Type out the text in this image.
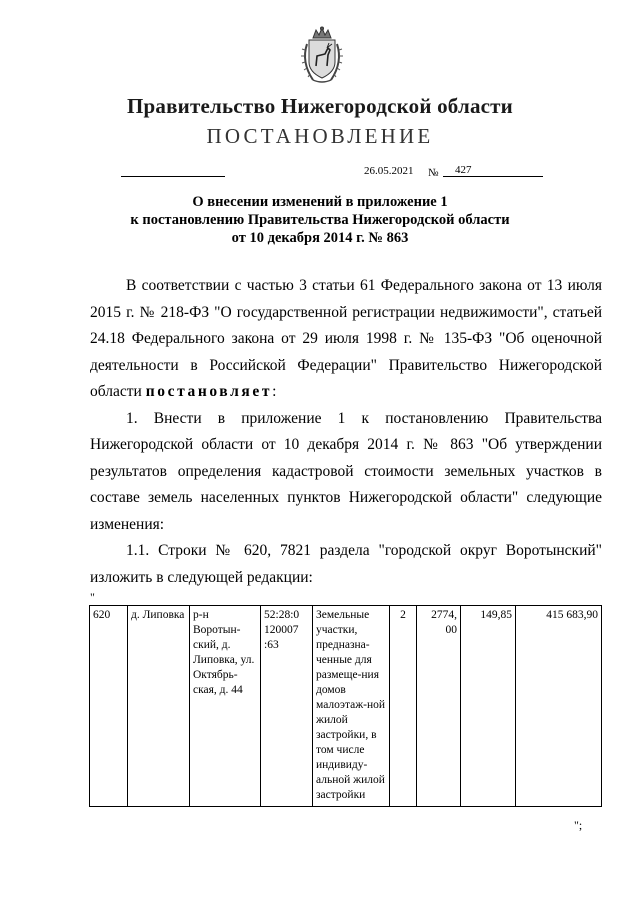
Правительство Нижегородской области
ПОСТАНОВЛЕНИЕ
26.05.2021 № 427
О внесении изменений в приложение 1
к постановлению Правительства Нижегородской области
от 10 декабря 2014 г. № 863

В соответствии с частью 3 статьи 61 Федерального закона от 13 июля 2015 г. № 218-ФЗ "О государственной регистрации недвижимости", статьей 24.18 Федерального закона от 29 июля 1998 г. № 135-ФЗ "Об оценочной деятельности в Российской Федерации" Правительство Нижегородской области постановляет:

1. Внести в приложение 1 к постановлению Правительства Нижегородской области от 10 декабря 2014 г. № 863 "Об утверждении результатов определения кадастровой стоимости земельных участков в составе земель населенных пунктов Нижегородской области" следующие изменения:

1.1. Строки № 620, 7821 раздела "городской округ Воротынский" изложить в следующей редакции:

"
620	д. Липовка	р-н Воротын-ский, д. Липовка, ул. Октябрь-ская, д. 44	52:28:0 120007 :63	Земельные участки, предназна-ченные для размеще-ния домов малоэтаж-ной жилой застройки, в том числе индивиду-альной жилой застройки	2	2774, 00	149,85	415 683,90
";
